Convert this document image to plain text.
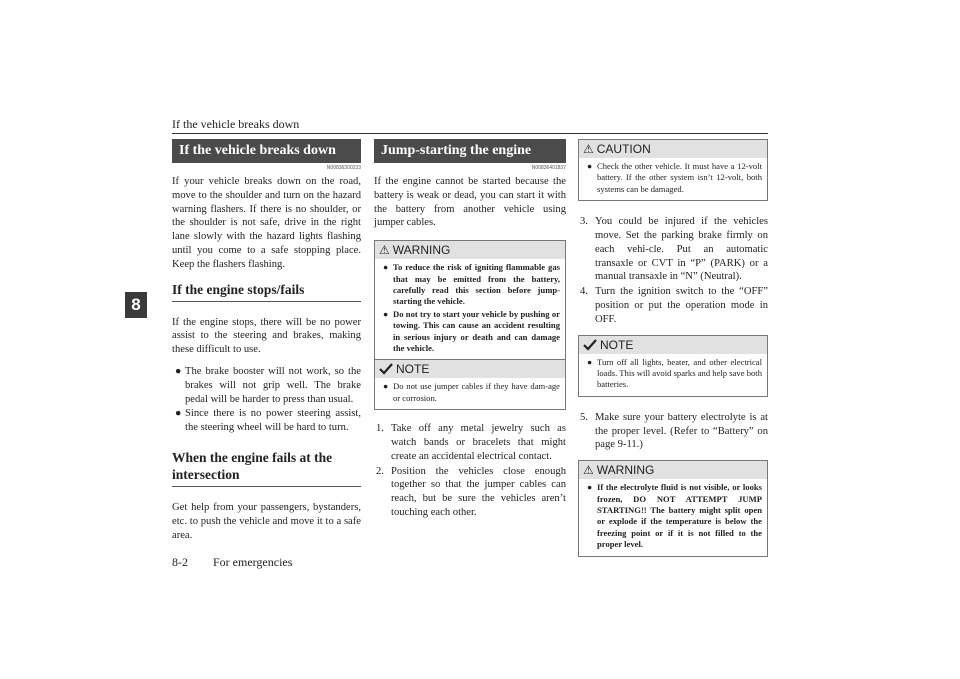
If the vehicle breaks down
8
If the vehicle breaks down
N00836300233
If your vehicle breaks down on the road, move to the shoulder and turn on the hazard warning flashers. If there is no shoulder, or the shoulder is not safe, drive in the right lane slowly with the hazard lights flashing until you come to a safe stopping place. Keep the flashers flashing.
If the engine stops/fails
If the engine stops, there will be no power assist to the steering and brakes, making these difficult to use.
● The brake booster will not work, so the brakes will not grip well. The brake pedal will be harder to press than usual.
● Since there is no power steering assist, the steering wheel will be hard to turn.
When the engine fails at the intersection
Get help from your passengers, bystanders, etc. to push the vehicle and move it to a safe area.
Jump-starting the engine
N00836401837
If the engine cannot be started because the battery is weak or dead, you can start it with the battery from another vehicle using jumper cables.
⚠ WARNING
● To reduce the risk of igniting flammable gas that may be emitted from the battery, carefully read this section before jump-starting the vehicle.
● Do not try to start your vehicle by pushing or towing. This can cause an accident resulting in serious injury or death and can damage the vehicle.
NOTE
● Do not use jumper cables if they have dam-age or corrosion.
1. Take off any metal jewelry such as watch bands or bracelets that might create an accidental electrical contact.
2. Position the vehicles close enough together so that the jumper cables can reach, but be sure the vehicles aren’t touching each other.
⚠ CAUTION
● Check the other vehicle. It must have a 12-volt battery. If the other system isn’t 12-volt, both systems can be damaged.
3. You could be injured if the vehicles move. Set the parking brake firmly on each vehi-cle. Put an automatic transaxle or CVT in “P” (PARK) or a manual transaxle in “N” (Neutral).
4. Turn the ignition switch to the “OFF” position or put the operation mode in OFF.
NOTE
● Turn off all lights, heater, and other electrical loads. This will avoid sparks and help save both batteries.
5. Make sure your battery electrolyte is at the proper level. (Refer to “Battery” on page 9-11.)
⚠ WARNING
● If the electrolyte fluid is not visible, or looks frozen, DO NOT ATTEMPT JUMP STARTING!! The battery might split open or explode if the temperature is below the freezing point or if it is not filled to the proper level.
8-2 For emergencies
